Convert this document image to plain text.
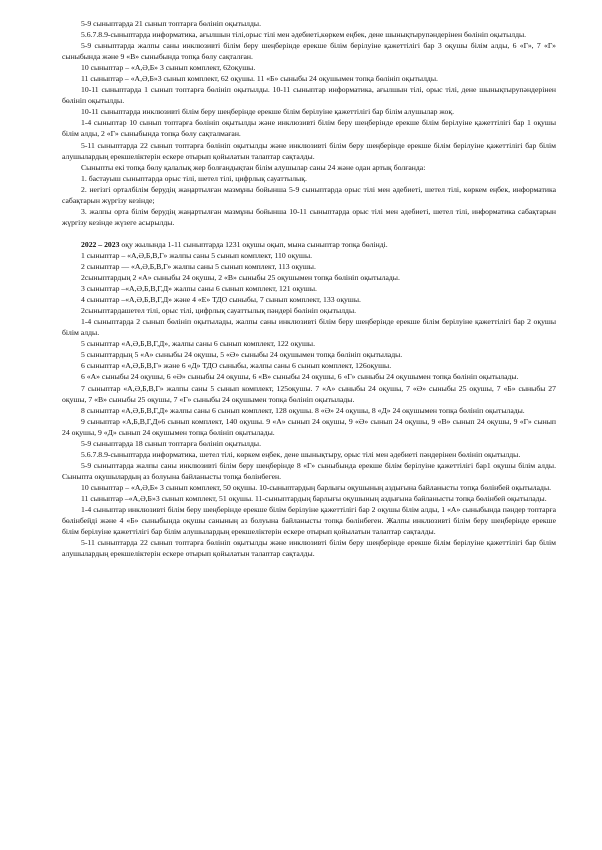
5-9 сыныптарда 21 сынып топтарға бөлініп оқытылды.

5.6.7.8.9-сыныптарда информатика, ағылшын тілі,орыс тілі мен әдебиеті,көркем еңбек, дене шынықтырупәндерінен бөлініп оқытылды.

5-9 сыныптарда жалпы саны инклюзивті білім беру шеңберінде ерекше білім берілуіне қажеттілігі бар 3 оқушы білім алды, 6 «Г», 7 «Г» сыныбында және 9 «В» сыныбында топқа бөлу сақталған.

10 сыныптар – «А,Ә,Б» 3 сынып комплект, 62оқушы.

11 сыныптар – «А,Ә,Б»3 сынып комплект, 62 оқушы. 11 «Б» сыныбы 24 оқушымен топқа бөлініп оқытылды.

10-11 сыныптарда 1 сынып топтарға бөлініп оқытылды. 10-11 сыныптар информатика, ағылшын тілі, орыс тілі, дене шынықтырупәндерінен бөлініп оқытылды.

10-11 сыныптарда инклюзивті білім беру шеңберінде ерекше білім берілуіне қажеттілігі бар білім алушылар жоқ.

1-4 сыныптар 10 сынып топтарға бөлініп оқытылды және инклюзивті білім беру шеңберінде ерекше білім берілуіне қажеттілігі бар 1 оқушы білім алды, 2 «Г» сыныбында топқа бөлу сақталмаған.

5-11 сыныптарда 22 сынып топтарға бөлініп оқытылды және инклюзивті білім беру шеңберінде ерекше білім берілуіне қажеттілігі бар білім алушылардың ерекшеліктерін ескере отырып қойылатын талаптар сақталды.

Сыныпты екі топқа бөлу қалалық жер болғандықтан білім алушылар саны 24 және одан артық болғанда:

1. бастауыш сыныптарда орыс тілі, шетел тілі, цифрлық сауаттылық.

2. негізгі орталбілім берудің жаңартылған мазмұны бойынша 5-9 сыныптарда орыс тілі мен әдебиеті, шетел тілі, көркем еңбек, информатика сабақтарын жүргізу кезінде;

3. жалпы орта білім берудің жаңартылған мазмұны бойынша 10-11 сыныптарда орыс тілі мен әдебиеті, шетел тілі, информатика сабақтарын жүргізу кезінде жүзеге асырылды.

2022 – 2023 оқу жылында 1-11 сыныптарда 1231 оқушы оқып, мына сыныптар топқа бөлінді.

1 сыныптар – «А,Ә,Б,В,Г» жалпы саны 5 сынып комплект, 110 оқушы.

2 сыныптар — «А,Ә,Б,В,Г» жалпы саны 5 сынып комплект, 113 оқушы.

2сыныптардың 2 «А» сыныбы 24 оқушы, 2 «В» сыныбы 25 оқушымен топқа бөлініп оқытылады.

3 сыныптар –«А,Ә,Б,В,Г,Д» жалпы саны 6 сынып комплект, 121 оқушы.

4 сыныптар –«А,Ә,Б,В,Г,Д» және 4 «Е» ТДО сыныбы, 7 сынып комплект, 133 оқушы.

2сыныптардашетел тілі, орыс тілі, цифрлық сауаттылық пәндері бөлініп оқытылды.

1-4 сыныптарда 2 сынып бөлініп оқытылады, жалпы саны инклюзивті білім беру шеңберінде ерекше білім берілуіне қажеттілігі бар 2 оқушы білім алды.

5 сыныптар «А,Ә,Б,В,Г,Д», жалпы саны 6 сынып комплект, 122 оқушы.

5 сыныптардың 5 «А» сыныбы 24 оқушы, 5 «Ә» сыныбы 24 оқушымен топқа бөлініп оқытылады.

6 сыныптар «А,Ә,Б,В,Г» және 6 «Д» ТДО сыныбы, жалпы саны 6 сынып комплект, 126оқушы.

6 «А» сыныбы 24 оқушы, 6 «Ә» сыныбы 24 оқушы, 6 «В» сыныбы 24 оқушы, 6 «Г» сыныбы 24 оқушымен топқа бөлініп оқытылады.

7 сыныптар «А,Ә,Б,В,Г» жалпы саны 5 сынып комплект, 125оқушы. 7 «А» сыныбы 24 оқушы, 7 «Ә» сыныбы 25 оқушы, 7 «Б» сыныбы 27 оқушы, 7 «В» сыныбы 25 оқушы, 7 «Г» сыныбы 24 оқушымен топқа бөлініп оқытылады.

8 сыныптар «А,Ә,Б,В,Г,Д» жалпы саны 6 сынып комплект, 128 оқушы. 8 «Ә» 24 оқушы, 8 «Д» 24 оқушымен топқа бөлініп оқытылады.

9 сыныптар «А,Б,В,Г,Д»6 сынып комплект, 140 оқушы. 9 «А» сынып 24 оқушы, 9 «Ә» сынып 24 оқушы, 9 «В» сынып 24 оқушы, 9 «Г» сынып 24 оқушы, 9 «Д» сынып 24 оқушымен топқа бөлініп оқытылады.

5-9 сыныптарда 18 сынып топтарға бөлініп оқытылды.

5.6.7.8.9-сыныптарда информатика, шетел тілі, көркем еңбек, дене шынықтыру, орыс тілі мен әдебиеті пәндерінен бөлініп оқытылды.

5-9 сыныптарда жалпы саны инклюзивті білім беру шеңберінде 8 «Г» сыныбында ерекше білім берілуіне қажеттілігі бар1 оқушы білім алды. Сыныпта оқушылардың аз болуына байланысты топқа бөлінбеген.

10 сыныптар – «А,Ә,Б» 3 сынып комплект, 50 оқушы. 10-сыныптардың барлығы оқушының аздығына байланысты топқа бөлінбей оқытылады.

11 сыныптар –«А,Ә,Б»3 сынып комплект, 51 оқушы. 11-сыныптардың барлығы оқушының аздығына байланысты топқа бөлінбей оқытылады.

1-4 сыныптар инклюзивті білім беру шеңберінде ерекше білім берілуіне қажеттілігі бар 2 оқушы білім алды, 1 «А» сыныбында пәндер топтарға бөлінбейді және 4 «Б» сыныбында оқушы санының аз болуына байланысты топқа бөлінбеген. Жалпы инклюзивті білім беру шеңберінде ерекше білім берілуіне қажеттілігі бар білім алушылардың ерекшеліктерін ескере отырып қойылатын талаптар сақталды.

5-11 сыныптарда 22 сынып топтарға бөлініп оқытылды және инклюзивті білім беру шеңберінде ерекше білім берілуіне қажеттілігі бар білім алушылардың ерекшеліктерін ескере отырып қойылатын талаптар сақталды.
